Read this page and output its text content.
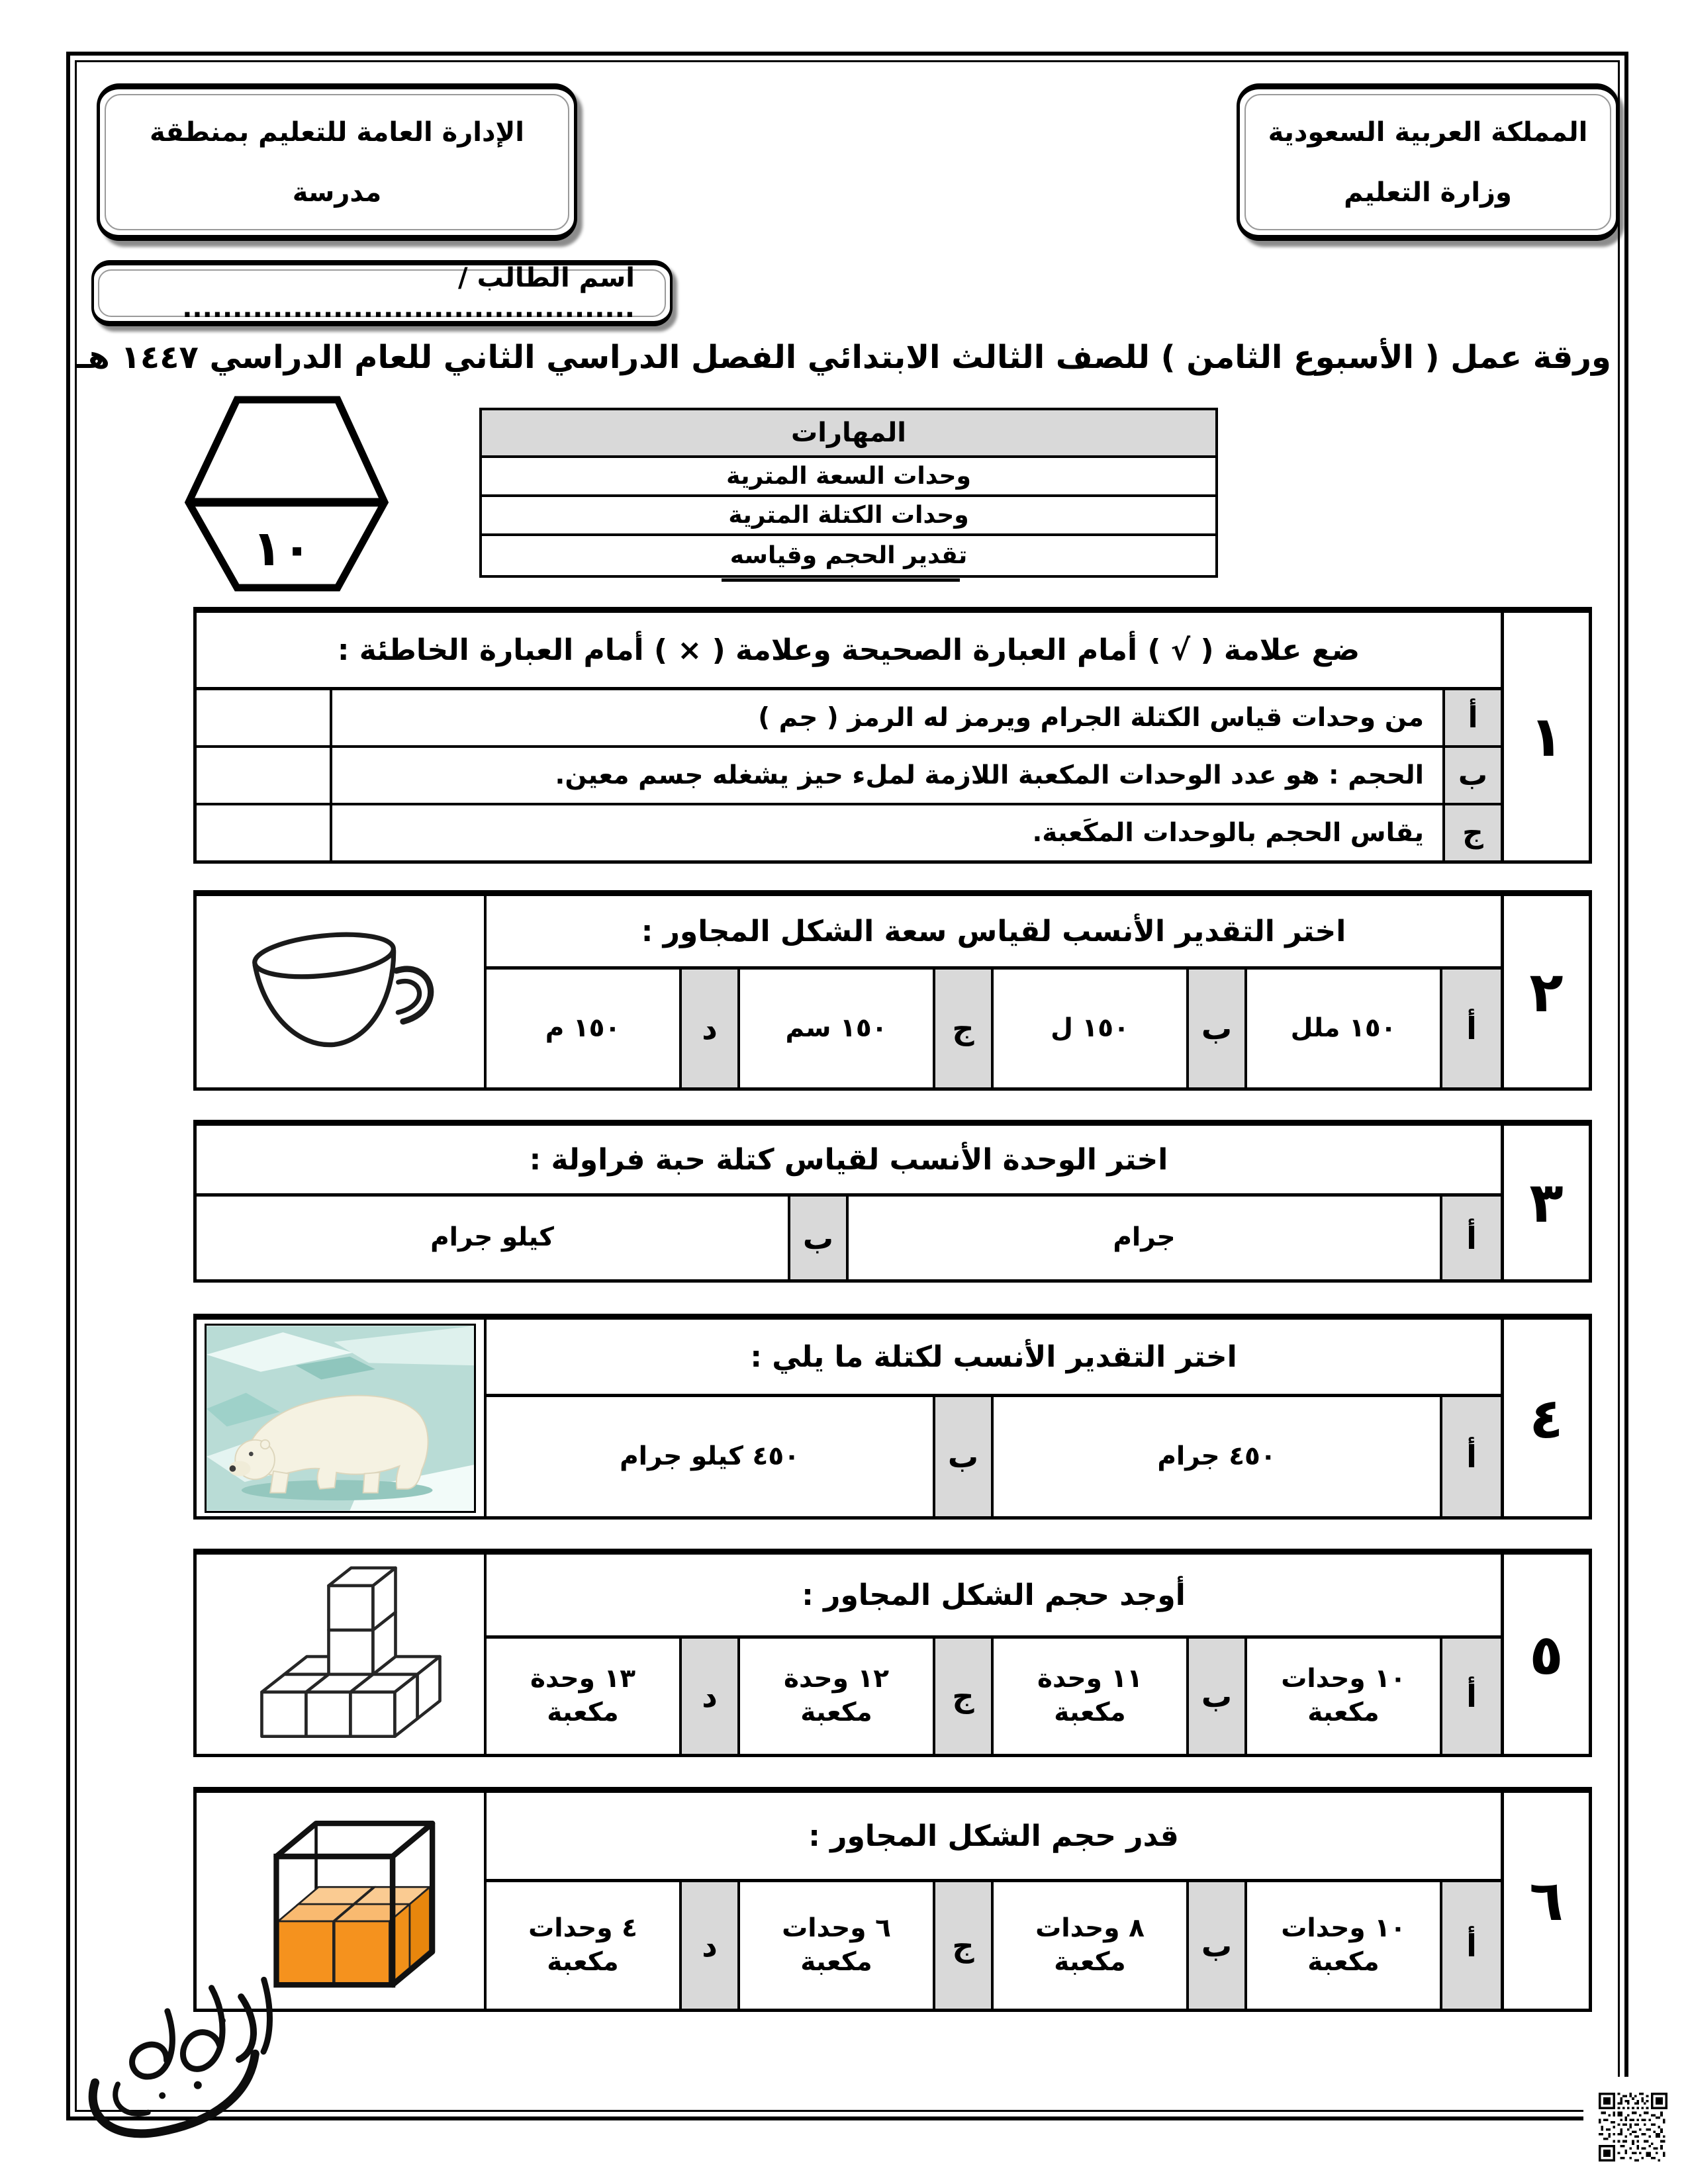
المملكة العربية السعودية
وزارة التعليم
الإدارة العامة للتعليم بمنطقة
مدرسة
اسم الطالب / .............................................
ورقة عمل ( الأسبوع الثامن ) للصف الثالث الابتدائي الفصل الدراسي الثاني للعام الدراسي ١٤٤٧ هـ
١٠
المهارات
وحدات السعة المترية
وحدات الكتلة المترية
تقدير الحجم وقياسه
١
ضع علامة ( √ ) أمام العبارة الصحيحة وعلامة ( × ) أمام العبارة الخاطئة :
أ
من وحدات قياس الكتلة الجرام ويرمز له الرمز ( جم )
ب
الحجم : هو عدد الوحدات المكعبة اللازمة لملء حيز يشغله جسم معين.
ج
يقاس الحجم بالوحدات المكَعبة.
٢
اختر التقدير الأنسب لقياس سعة الشكل المجاور :
أ
١٥٠ ملل
ب
١٥٠ ل
ج
١٥٠ سم
د
١٥٠ م
٣
اختر الوحدة الأنسب لقياس كتلة حبة فراولة :
أ
جرام
ب
كيلو جرام
٤
اختر التقدير الأنسب لكتلة ما يلي :
أ
٤٥٠ جرام
ب
٤٥٠ كيلو جرام
٥
أوجد حجم الشكل المجاور :
أ
١٠ وحدات مكعبة
ب
١١ وحدة مكعبة
ج
١٢ وحدة مكعبة
د
١٣ وحدة مكعبة
٦
قدر حجم الشكل المجاور :
أ
١٠ وحدات مكعبة
ب
٨ وحدات مكعبة
ج
٦ وحدات مكعبة
د
٤ وحدات مكعبة
